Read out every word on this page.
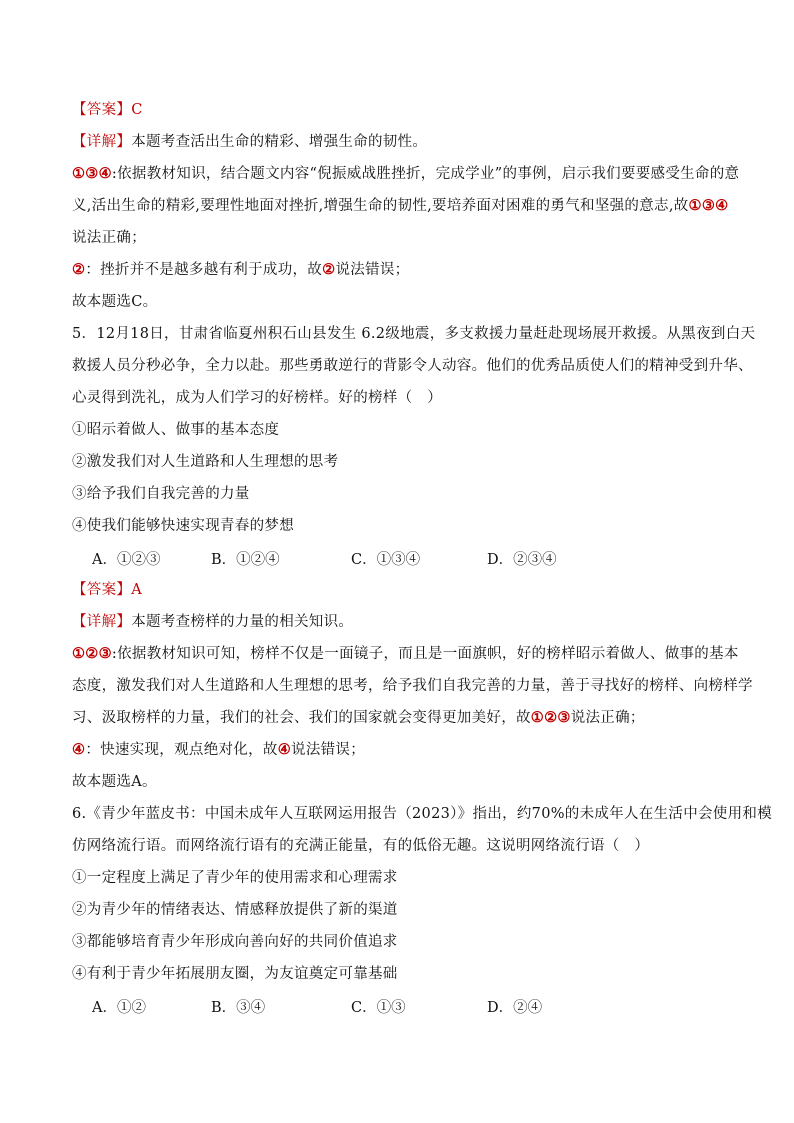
【答案】C
【详解】本题考查活出生命的精彩、增强生命的韧性。
①③④:依据教材知识，结合题文内容“倪振威战胜挫折，完成学业”的事例，启示我们要要感受生命的意
义,活出生命的精彩,要理性地面对挫折,增强生命的韧性,要培养面对困难的勇气和坚强的意志,故①③④
说法正确；
②：挫折并不是越多越有利于成功，故②说法错误；
故本题选C。
5．12月18日，甘肃省临夏州积石山县发生 6.2级地震，多支救援力量赶赴现场展开救援。从黑夜到白天
救援人员分秒必争，全力以赴。那些勇敢逆行的背影令人动容。他们的优秀品质使人们的精神受到升华、
心灵得到洗礼，成为人们学习的好榜样。好的榜样（　）
①昭示着做人、做事的基本态度
②激发我们对人生道路和人生理想的思考
③给予我们自我完善的力量
④使我们能够快速实现青春的梦想
A．①②③	B．①②④	C．①③④	D．②③④
【答案】A
【详解】本题考查榜样的力量的相关知识。
①②③:依据教材知识可知，榜样不仅是一面镜子，而且是一面旗帜，好的榜样昭示着做人、做事的基本
态度，激发我们对人生道路和人生理想的思考，给予我们自我完善的力量，善于寻找好的榜样、向榜样学
习、汲取榜样的力量，我们的社会、我们的国家就会变得更加美好，故①②③说法正确；
④：快速实现，观点绝对化，故④说法错误；
故本题选A。
6.《青少年蓝皮书：中国未成年人互联网运用报告（2023）》指出，约70%的未成年人在生活中会使用和模
仿网络流行语。而网络流行语有的充满正能量，有的低俗无趣。这说明网络流行语（　）
①一定程度上满足了青少年的使用需求和心理需求
②为青少年的情绪表达、情感释放提供了新的渠道
③都能够培育青少年形成向善向好的共同价值追求
④有利于青少年拓展朋友圈，为友谊奠定可靠基础
A．①②	B．③④	C．①③	D．②④
